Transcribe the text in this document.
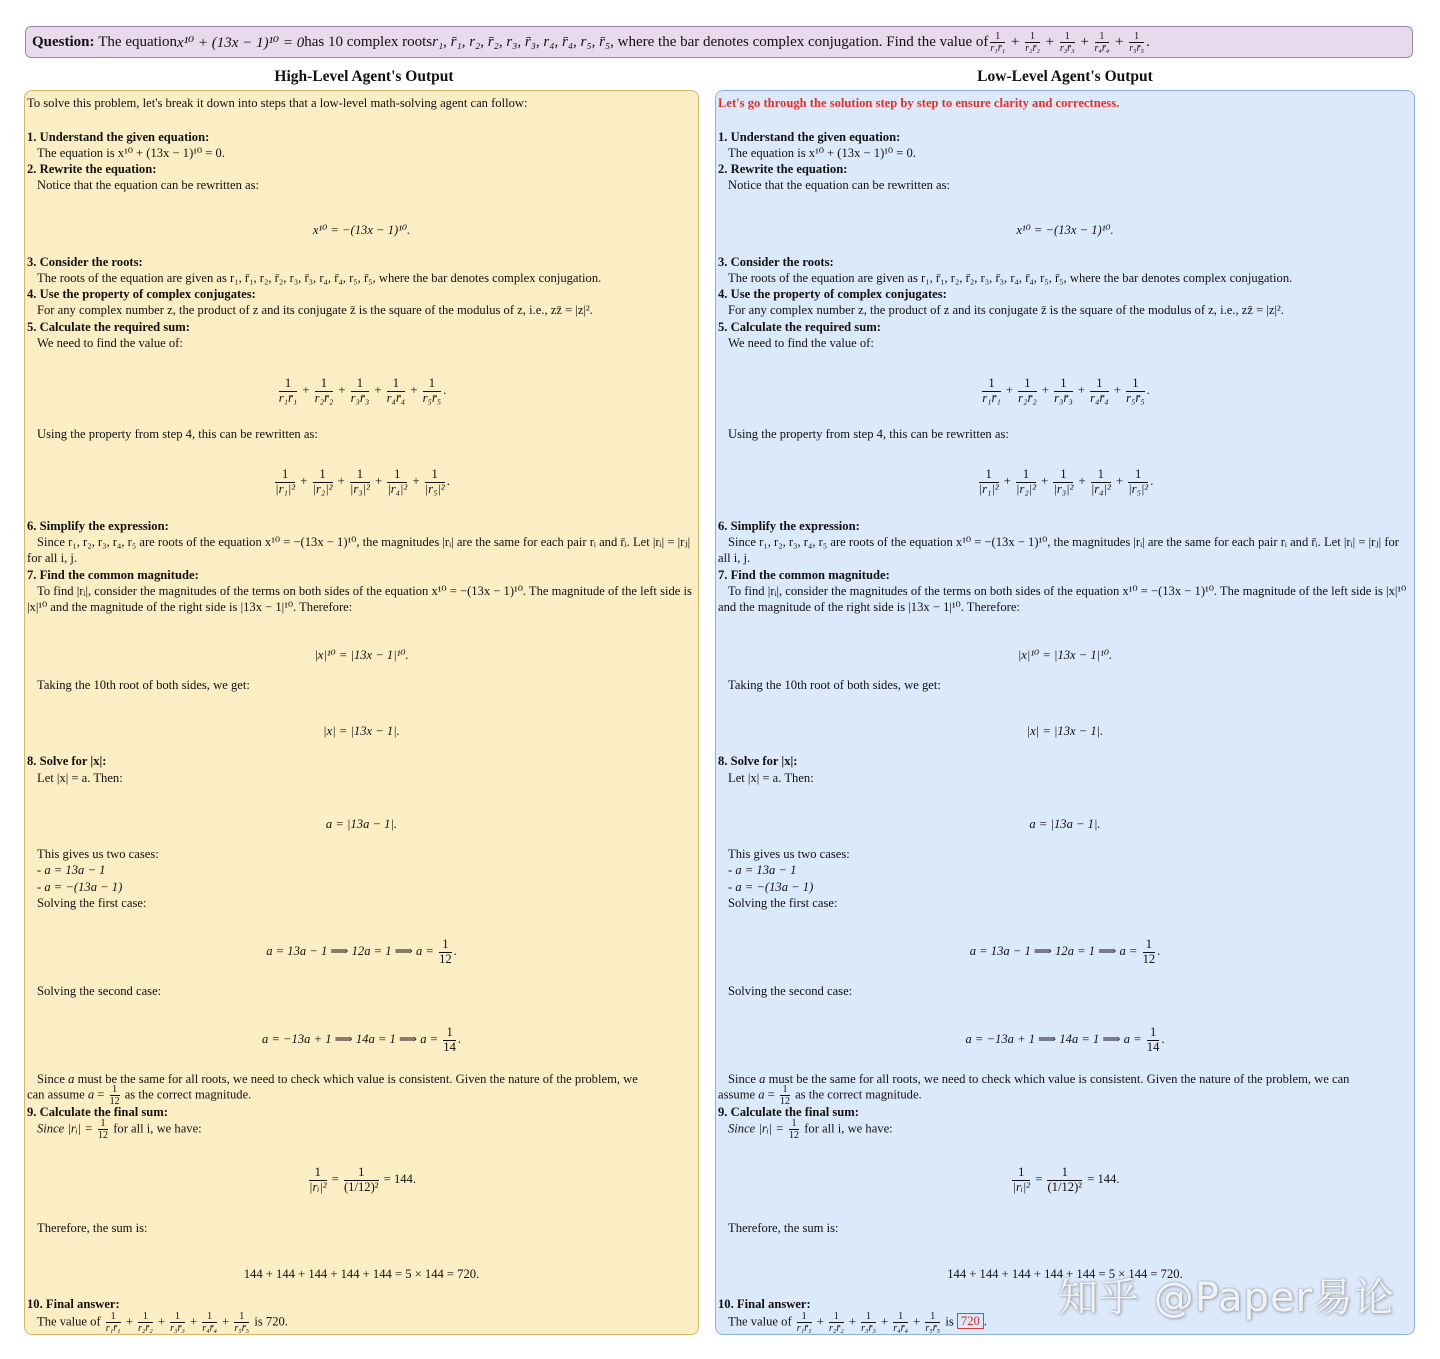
Question:
The equation x¹⁰ + (13x − 1)¹⁰ = 0 has 10 complex roots r₁, r̄₁, r₂, r̄₂, r₃, r̄₃, r₄, r̄₄, r₅, r̄₅ , where the bar denotes complex conjugation. Find the value of $\frac{1}{\text{r₁r̄₁}} + \frac{1}{\text{r₂r̄₂}} + \frac{1}{\text{r₃r̄₃}} + \frac{1}{\text{r₄r̄₄}} + \frac{1}{\text{r₅r̄₅}}$ .
High-Level Agent's Output	Low-Level Agent's Output
To solve this problem, let's break it down into steps that a low-level math-solving agent can follow:
1. Understand the given equation:
The equation is x¹⁰ + (13x − 1)¹⁰ = 0.
2. Rewrite the equation:
Notice that the equation can be rewritten as:
x¹⁰ = −(13x − 1)¹⁰.
3. Consider the roots:
The roots of the equation are given as r₁, r̄₁, r₂, r̄₂, r₃, r̄₃, r₄, r̄₄, r₅, r̄₅, where the bar denotes complex conjugation.
4. Use the property of complex conjugates:
For any complex number z, the product of z and its conjugate z̄ is the square of the modulus of z, i.e., zz̄ = |z|².
5. Calculate the required sum:
We need to find the value of:
$\frac{1}{\text{r₁r̄₁}} + \frac{1}{\text{r₂r̄₂}} + \frac{1}{\text{r₃r̄₃}} + \frac{1}{\text{r₄r̄₄}} + \frac{1}{\text{r₅r̄₅}}$ .
Using the property from step 4, this can be rewritten as:
$\frac{1}{\text{|r₁|²}} + \frac{1}{\text{|r₂|²}} + \frac{1}{\text{|r₃|²}} + \frac{1}{\text{|r₄|²}} + \frac{1}{\text{|r₅|²}}$ .
6. Simplify the expression:
Since r₁, r₂, r₃, r₄, r₅ are roots of the equation x¹⁰ = −(13x − 1)¹⁰, the magnitudes |rᵢ| are the same for each pair rᵢ and r̄ᵢ. Let |rᵢ| = |rⱼ| for all i, j.
7. Find the common magnitude:
To find |rᵢ|, consider the magnitudes of the terms on both sides of the equation x¹⁰ = −(13x − 1)¹⁰. The magnitude of the left side is |x|¹⁰ and the magnitude of the right side is |13x − 1|¹⁰. Therefore:
|x|¹⁰ = |13x − 1|¹⁰.
Taking the 10th root of both sides, we get:
|x| = |13x − 1|.
8. Solve for |x|:
Let |x| = a. Then:
a = |13a − 1|.
This gives us two cases:
- a = 13a − 1
- a = −(13a − 1)
Solving the first case:
a = 13a − 1 ⟹ 12a = 1 ⟹ $a = \frac{1}{12}$ .
Solving the second case:
a = −13a + 1 ⟹ 14a = 1 ⟹ $a = \frac{1}{14}$ .
Since a must be the same for all roots, we need to check which value is consistent. Given the nature of the problem, we
can assume $a = \frac{1}{12}$ as the correct magnitude.
9. Calculate the final sum:
Since |rᵢ| = $\frac{1}{12}$ for all i, we have:
$\frac{1}{\text{|rᵢ|²}} = \frac{1}{\text{(1/12)²}} = 144$.
Therefore, the sum is:
144 + 144 + 144 + 144 + 144 = 5 × 144 = 720.
10. Final answer:
The value of $\frac{1}{\text{r₁r̄₁}} + \frac{1}{\text{r₂r̄₂}} + \frac{1}{\text{r₃r̄₃}} + \frac{1}{\text{r₄r̄₄}} + \frac{1}{\text{r₅r̄₅}}$ is 720.
Let's go through the solution step by step to ensure clarity and correctness.
1. Understand the given equation:
The equation is x¹⁰ + (13x − 1)¹⁰ = 0.
2. Rewrite the equation:
Notice that the equation can be rewritten as:
x¹⁰ = −(13x − 1)¹⁰.
3. Consider the roots:
The roots of the equation are given as r₁, r̄₁, r₂, r̄₂, r₃, r̄₃, r₄, r̄₄, r₅, r̄₅, where the bar denotes complex conjugation.
4. Use the property of complex conjugates:
For any complex number z, the product of z and its conjugate z̄ is the square of the modulus of z, i.e., zz̄ = |z|².
5. Calculate the required sum:
We need to find the value of:
$\frac{1}{\text{r₁r̄₁}} + \frac{1}{\text{r₂r̄₂}} + \frac{1}{\text{r₃r̄₃}} + \frac{1}{\text{r₄r̄₄}} + \frac{1}{\text{r₅r̄₅}}$ .
Using the property from step 4, this can be rewritten as:
$\frac{1}{\text{|r₁|²}} + \frac{1}{\text{|r₂|²}} + \frac{1}{\text{|r₃|²}} + \frac{1}{\text{|r₄|²}} + \frac{1}{\text{|r₅|²}}$ .
6. Simplify the expression:
Since r₁, r₂, r₃, r₄, r₅ are roots of the equation x¹⁰ = −(13x − 1)¹⁰, the magnitudes |rᵢ| are the same for each pair rᵢ and r̄ᵢ. Let |rᵢ| = |rⱼ| for all i, j.
7. Find the common magnitude:
To find |rᵢ|, consider the magnitudes of the terms on both sides of the equation x¹⁰ = −(13x − 1)¹⁰. The magnitude of the left side is |x|¹⁰ and the magnitude of the right side is |13x − 1|¹⁰. Therefore:
|x|¹⁰ = |13x − 1|¹⁰.
Taking the 10th root of both sides, we get:
|x| = |13x − 1|.
8. Solve for |x|:
Let |x| = a. Then:
a = |13a − 1|.
This gives us two cases:
- a = 13a − 1
- a = −(13a − 1)
Solving the first case:
a = 13a − 1 ⟹ 12a = 1 ⟹ $a = \frac{1}{12}$ .
Solving the second case:
a = −13a + 1 ⟹ 14a = 1 ⟹ $a = \frac{1}{14}$ .
Since a must be the same for all roots, we need to check which value is consistent. Given the nature of the problem, we can
assume $a = \frac{1}{12}$ as the correct magnitude.
9. Calculate the final sum:
Since |rᵢ| = $\frac{1}{12}$ for all i, we have:
$\frac{1}{\text{|rᵢ|²}} = \frac{1}{\text{(1/12)²}} = 144$.
Therefore, the sum is:
144 + 144 + 144 + 144 + 144 = 5 × 144 = 720.
10. Final answer:
The value of $\frac{1}{\text{r₁r̄₁}} + \frac{1}{\text{r₂r̄₂}} + \frac{1}{\text{r₃r̄₃}} + \frac{1}{\text{r₄r̄₄}} + \frac{1}{\text{r₅r̄₅}}$ is 720 .
知乎 @Paper易论
